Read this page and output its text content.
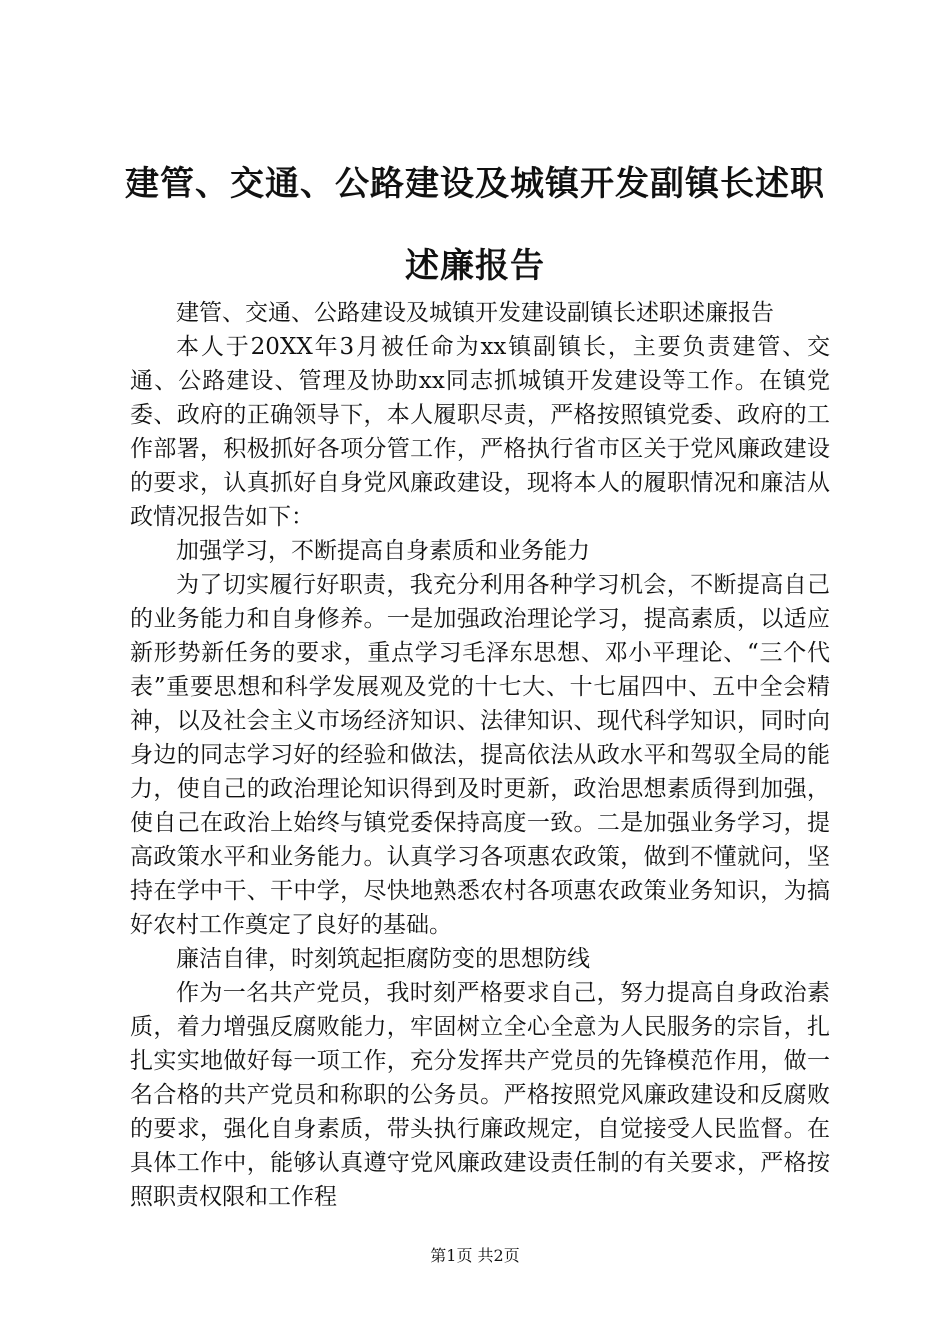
建管、交通、公路建设及城镇开发副镇长述职
述廉报告

建管、交通、公路建设及城镇开发建设副镇长述职述廉报告

本人于20XX年3月被任命为xx镇副镇长，主要负责建管、交通、公路建设、管理及协助xx同志抓城镇开发建设等工作。在镇党委、政府的正确领导下，本人履职尽责，严格按照镇党委、政府的工作部署，积极抓好各项分管工作，严格执行省市区关于党风廉政建设的要求，认真抓好自身党风廉政建设，现将本人的履职情况和廉洁从政情况报告如下：

加强学习，不断提高自身素质和业务能力

为了切实履行好职责，我充分利用各种学习机会，不断提高自己的业务能力和自身修养。一是加强政治理论学习，提高素质，以适应新形势新任务的要求，重点学习毛泽东思想、邓小平理论、“三个代表”重要思想和科学发展观及党的十七大、十七届四中、五中全会精神，以及社会主义市场经济知识、法律知识、现代科学知识，同时向身边的同志学习好的经验和做法，提高依法从政水平和驾驭全局的能力，使自己的政治理论知识得到及时更新，政治思想素质得到加强，使自己在政治上始终与镇党委保持高度一致。二是加强业务学习，提高政策水平和业务能力。认真学习各项惠农政策，做到不懂就问，坚持在学中干、干中学，尽快地熟悉农村各项惠农政策业务知识，为搞好农村工作奠定了良好的基础。

廉洁自律，时刻筑起拒腐防变的思想防线

作为一名共产党员，我时刻严格要求自己，努力提高自身政治素质，着力增强反腐败能力，牢固树立全心全意为人民服务的宗旨，扎扎实实地做好每一项工作，充分发挥共产党员的先锋模范作用，做一名合格的共产党员和称职的公务员。严格按照党风廉政建设和反腐败的要求，强化自身素质，带头执行廉政规定，自觉接受人民监督。在具体工作中，能够认真遵守党风廉政建设责任制的有关要求，严格按照职责权限和工作程

第1页 共2页
